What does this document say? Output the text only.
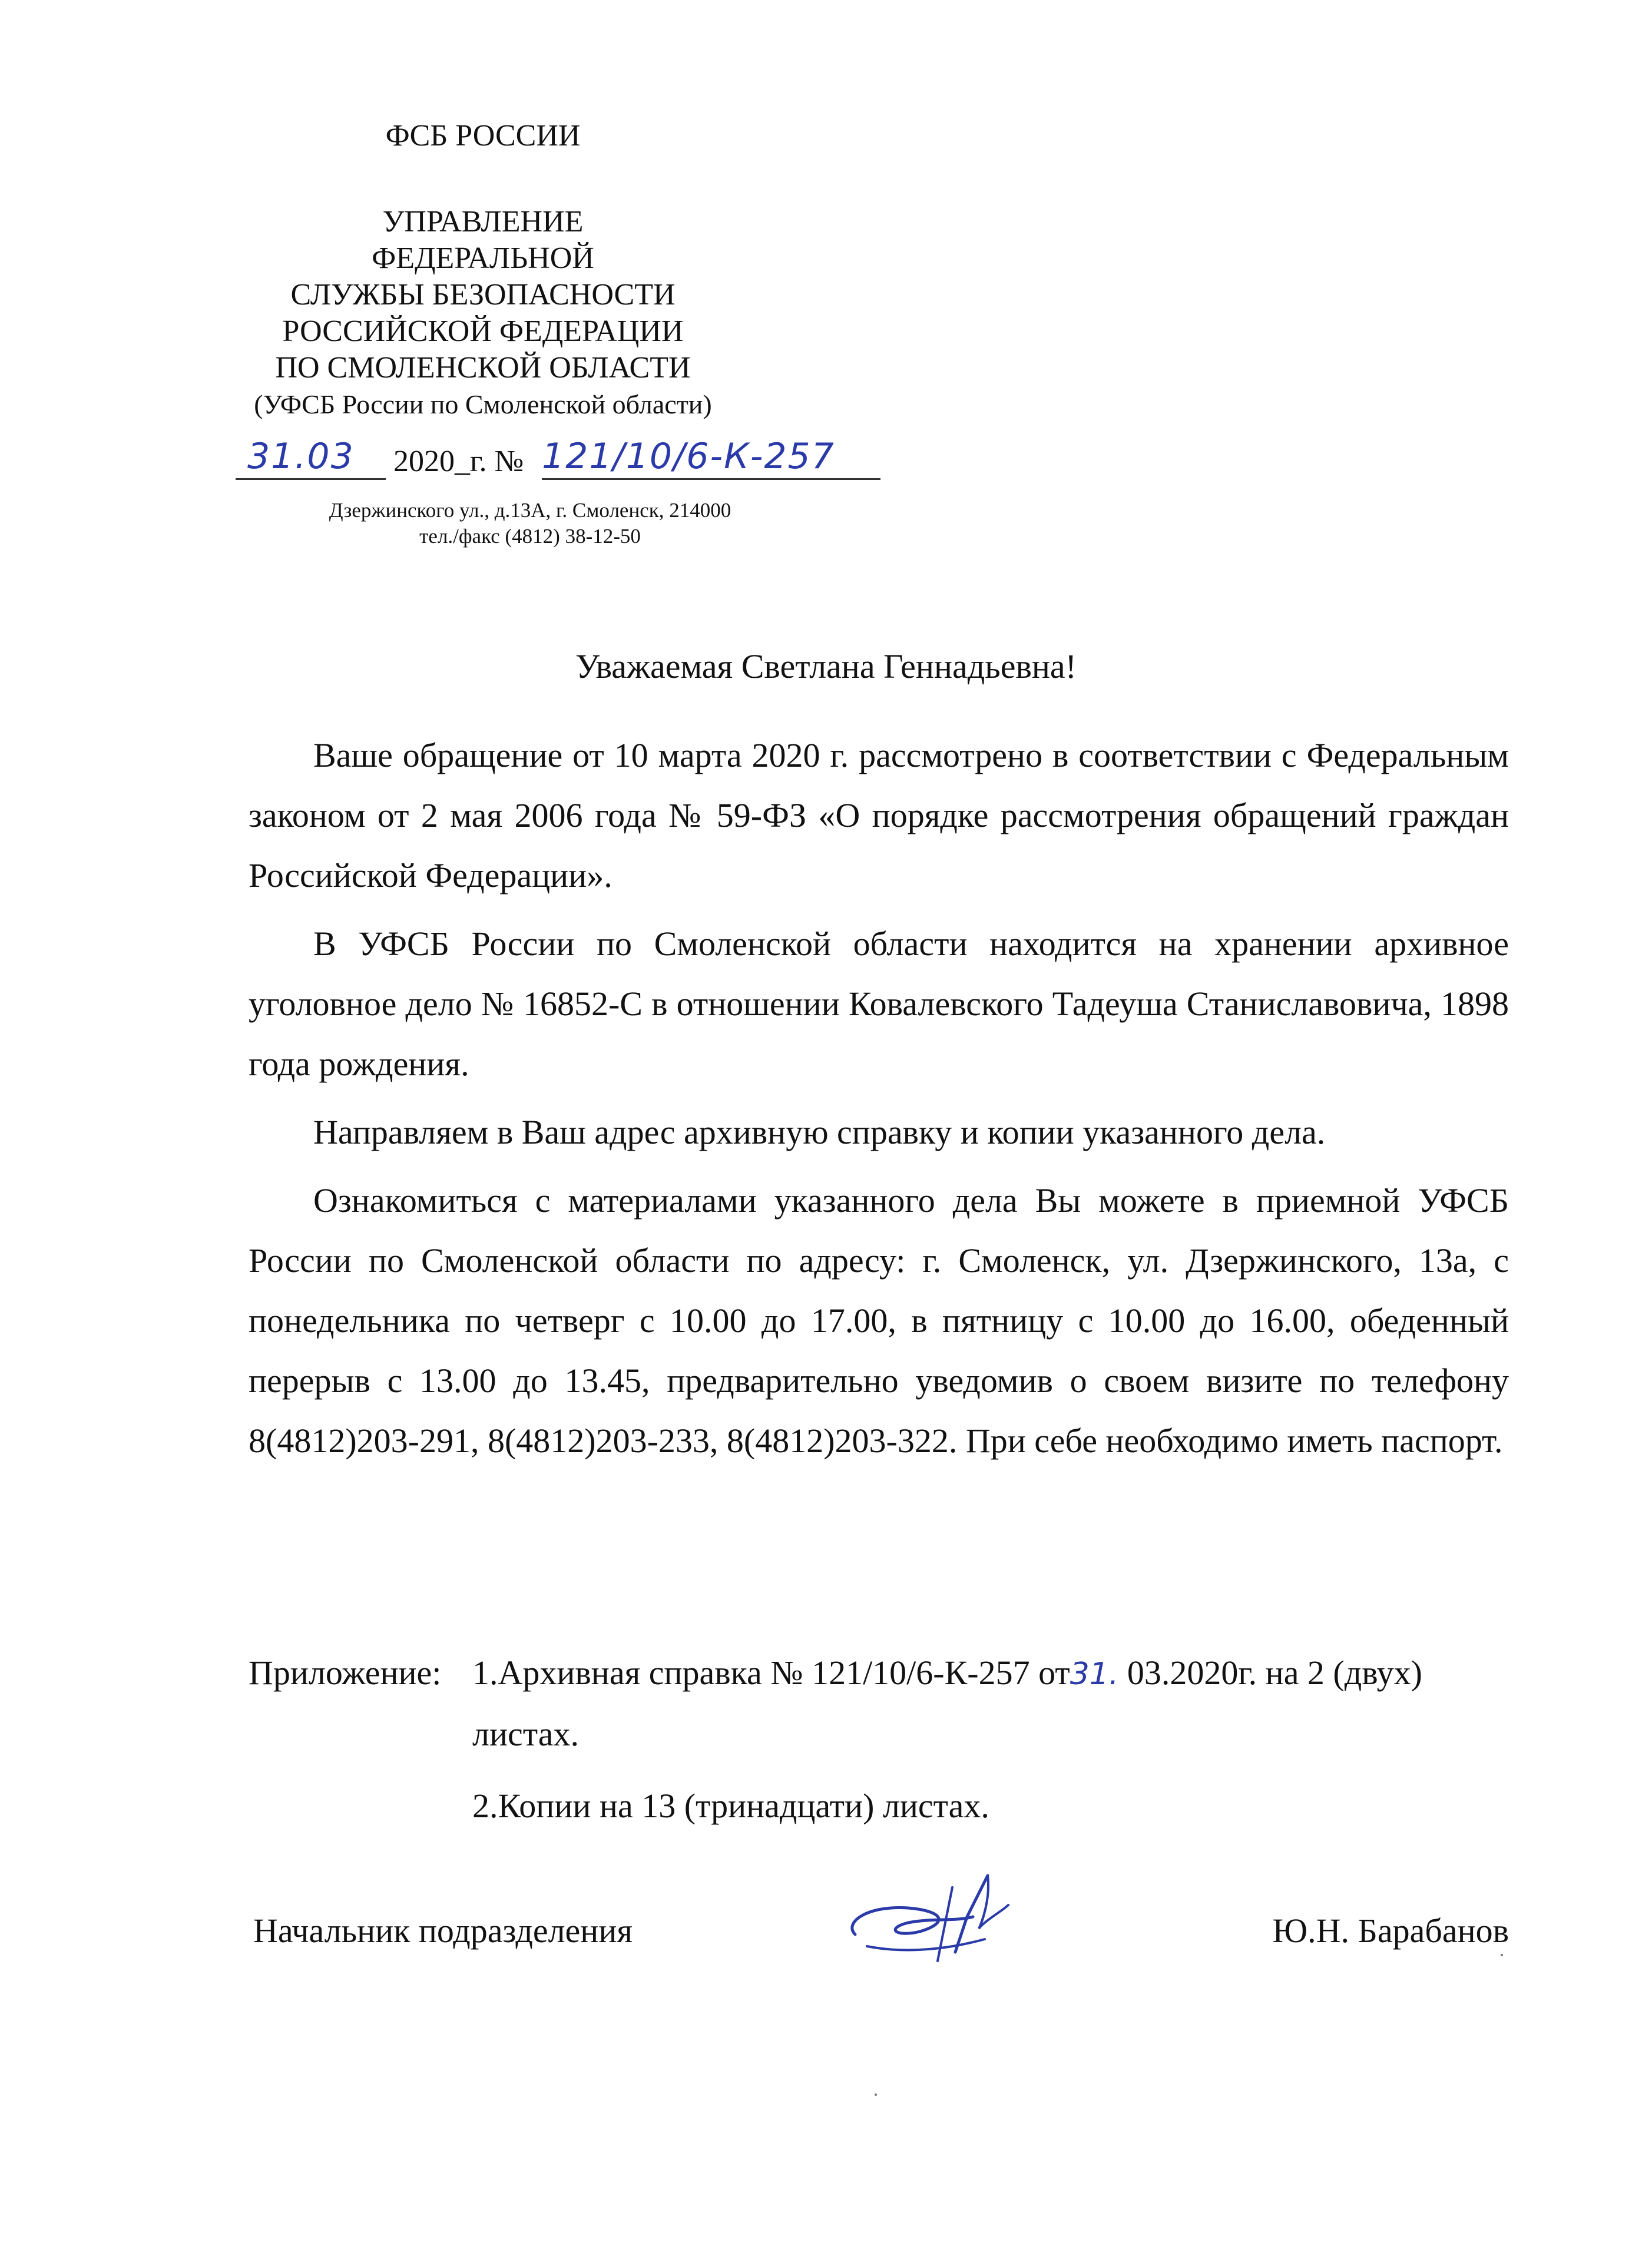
ФСБ РОССИИ
УПРАВЛЕНИЕ
ФЕДЕРАЛЬНОЙ
СЛУЖБЫ БЕЗОПАСНОСТИ
РОССИЙСКОЙ ФЕДЕРАЦИИ
ПО СМОЛЕНСКОЙ ОБЛАСТИ
(УФСБ России по Смоленской области)
31.03 2020_г. № 121/10/6-К-257
Дзержинского ул., д.13А, г. Смоленск, 214000
тел./факс (4812) 38-12-50
Уважаемая Светлана Геннадьевна!

Ваше обращение от 10 марта 2020 г. рассмотрено в соответствии с Федеральным законом от 2 мая 2006 года № 59-ФЗ «О порядке рассмотрения обращений граждан Российской Федерации».

В УФСБ России по Смоленской области находится на хранении архивное уголовное дело № 16852-С в отношении Ковалевского Тадеуша Станиславовича, 1898 года рождения.

Направляем в Ваш адрес архивную справку и копии указанного дела.

Ознакомиться с материалами указанного дела Вы можете в приемной УФСБ России по Смоленской области по адресу: г. Смоленск, ул. Дзержинского, 13а, с понедельника по четверг с 10.00 до 17.00, в пятницу с 10.00 до 16.00, обеденный перерыв с 13.00 до 13.45, предварительно уведомив о своем визите по телефону 8(4812)203-291, 8(4812)203-233, 8(4812)203-322. При себе необходимо иметь паспорт.

Приложение: 1.Архивная справка № 121/10/6-К-257 от31. 03.2020г. на 2 (двух) листах.

2.Копии на 13 (тринадцати) листах.

Начальник подразделения	Ю.Н. Барабанов
